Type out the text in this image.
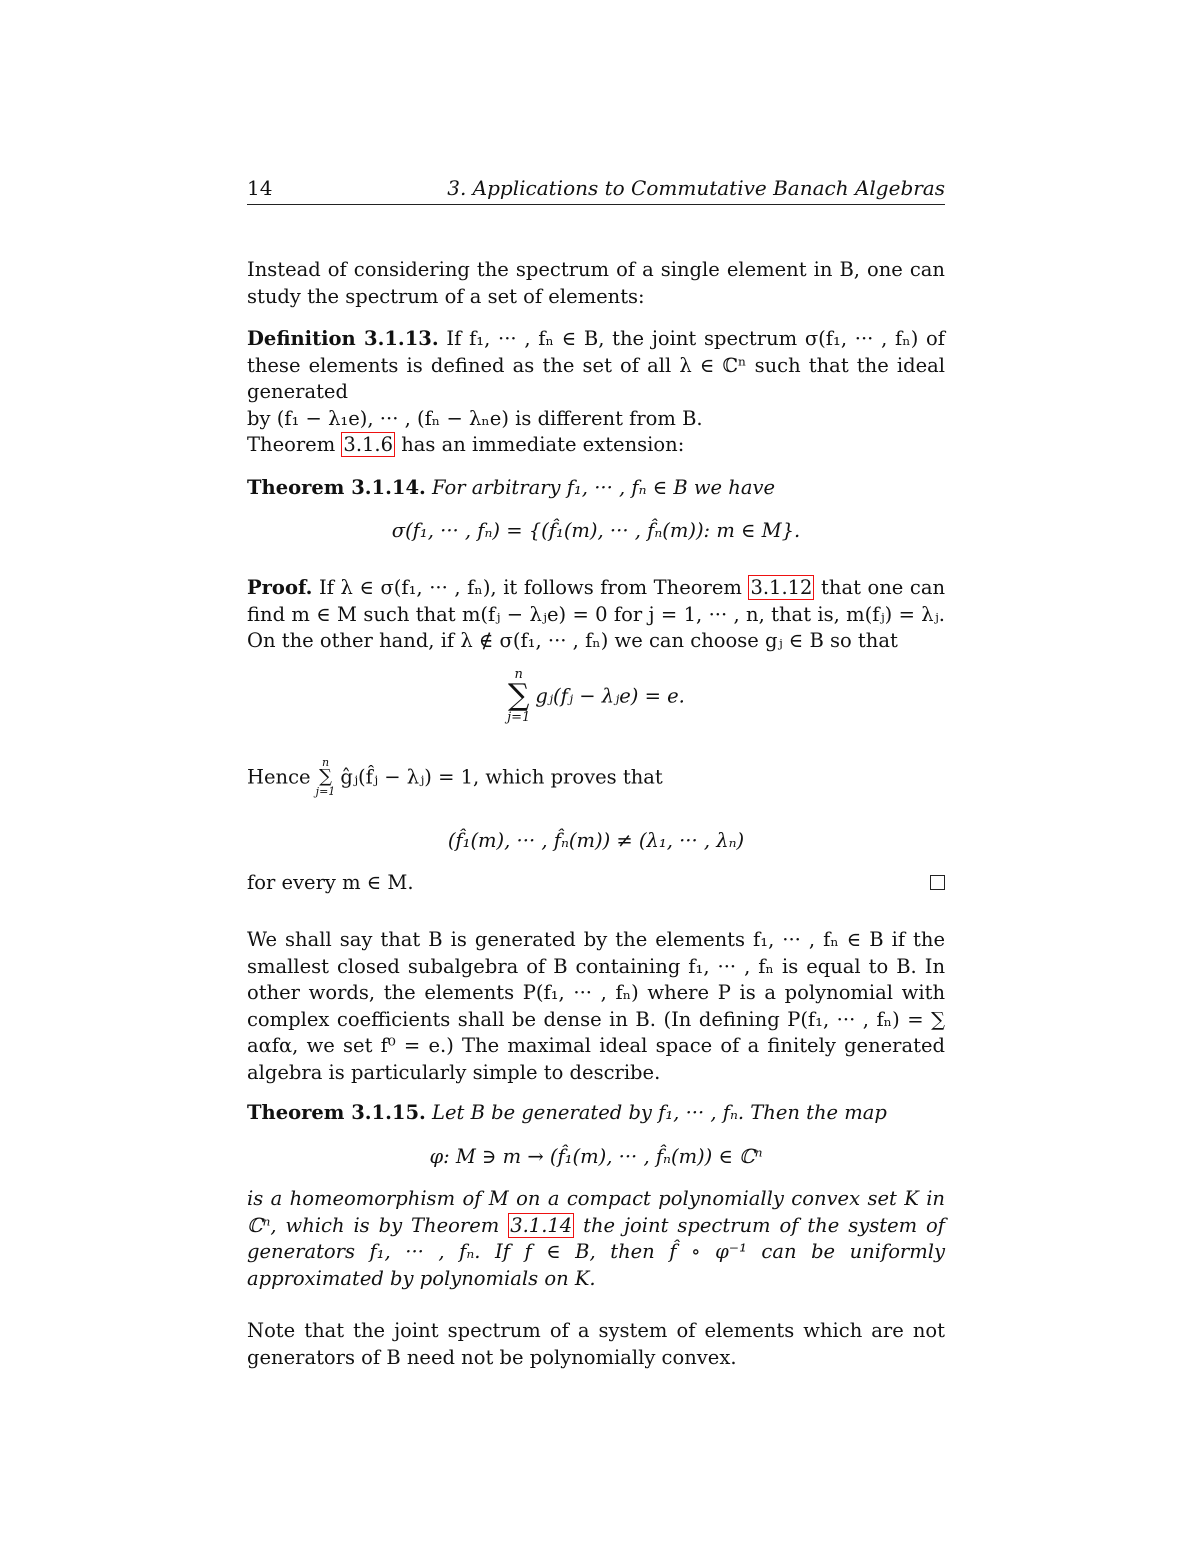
14	3. Applications to Commutative Banach Algebras

Instead of considering the spectrum of a single element in B, one can study the spectrum of a set of elements:

Definition 3.1.13. If f₁, ··· , fₙ ∈ B, the joint spectrum σ(f₁, ··· , fₙ) of

these elements is defined as the set of all λ ∈ ℂⁿ such that the ideal generated

by (f₁ − λ₁e), ··· , (fₙ − λₙe) is different from B.

Theorem 3.1.6 has an immediate extension:

Theorem 3.1.14. For arbitrary f₁, ··· , fₙ ∈ B we have

σ(f₁, ··· , fₙ) = {(f̂₁(m), ··· , f̂ₙ(m)): m ∈ M}.

Proof. If λ ∈ σ(f₁, ··· , fₙ), it follows from Theorem 3.1.12 that one can

find m ∈ M such that m(fⱼ − λⱼe) = 0 for j = 1, ··· , n, that is, m(fⱼ) = λⱼ.

On the other hand, if λ ∉ σ(f₁, ··· , fₙ) we can choose gⱼ ∈ B so that

n
∑
j=1
gⱼ(fⱼ − λⱼe) = e.
Hence
n
∑
j=1
ĝⱼ(f̂ⱼ − λⱼ) = 1, which proves that

(f̂₁(m), ··· , f̂ₙ(m)) ≠ (λ₁, ··· , λₙ)

for every m ∈ M.

We shall say that B is generated by the elements f₁, ··· , fₙ ∈ B if the smallest closed subalgebra of B containing f₁, ··· , fₙ is equal to B. In other words, the elements P(f₁, ··· , fₙ) where P is a polynomial with complex coefficients shall be dense in B. (In defining P(f₁, ··· , fₙ) = ∑ aαfα, we set f⁰ = e.) The maximal ideal space of a finitely generated algebra is particularly simple to describe.

Theorem 3.1.15. Let B be generated by f₁, ··· , fₙ. Then the map

φ: M ∋ m → (f̂₁(m), ··· , f̂ₙ(m)) ∈ ℂⁿ

is a homeomorphism of M on a compact polynomially convex set K in ℂⁿ, which is by Theorem 3.1.14 the joint spectrum of the system of generators f₁, ··· , fₙ. If f ∈ B, then f̂ ∘ φ⁻¹ can be uniformly approximated by polynomials on K.

Note that the joint spectrum of a system of elements which are not generators of B need not be polynomially convex.
